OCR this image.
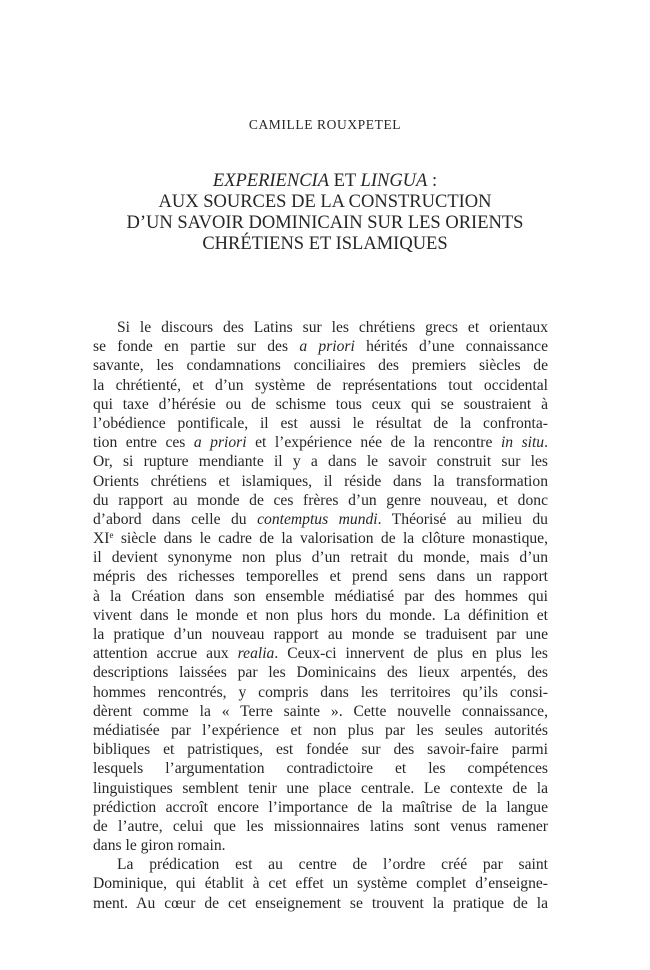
CAMILLE ROUXPETEL
EXPERIENCIA ET LINGUA :
AUX SOURCES DE LA CONSTRUCTION
D’UN SAVOIR DOMINICAIN SUR LES ORIENTS
CHRÉTIENS ET ISLAMIQUES
Si le discours des Latins sur les chrétiens grecs et orientaux
se fonde en partie sur des a priori hérités d’une connaissance
savante, les condamnations conciliaires des premiers siècles de
la chrétienté, et d’un système de représentations tout occidental
qui taxe d’hérésie ou de schisme tous ceux qui se soustraient à
l’obédience pontificale, il est aussi le résultat de la confronta-
tion entre ces a priori et l’expérience née de la rencontre in situ.
Or, si rupture mendiante il y a dans le savoir construit sur les
Orients chrétiens et islamiques, il réside dans la transformation
du rapport au monde de ces frères d’un genre nouveau, et donc
d’abord dans celle du contemptus mundi. Théorisé au milieu du
XIe siècle dans le cadre de la valorisation de la clôture monastique,
il devient synonyme non plus d’un retrait du monde, mais d’un
mépris des richesses temporelles et prend sens dans un rapport
à la Création dans son ensemble médiatisé par des hommes qui
vivent dans le monde et non plus hors du monde. La définition et
la pratique d’un nouveau rapport au monde se traduisent par une
attention accrue aux realia. Ceux-ci innervent de plus en plus les
descriptions laissées par les Dominicains des lieux arpentés, des
hommes rencontrés, y compris dans les territoires qu’ils consi-
dèrent comme la « Terre sainte ». Cette nouvelle connaissance,
médiatisée par l’expérience et non plus par les seules autorités
bibliques et patristiques, est fondée sur des savoir-faire parmi
lesquels l’argumentation contradictoire et les compétences
linguistiques semblent tenir une place centrale. Le contexte de la
prédiction accroît encore l’importance de la maîtrise de la langue
de l’autre, celui que les missionnaires latins sont venus ramener
dans le giron romain.
La prédication est au centre de l’ordre créé par saint
Dominique, qui établit à cet effet un système complet d’enseigne-
ment. Au cœur de cet enseignement se trouvent la pratique de la
